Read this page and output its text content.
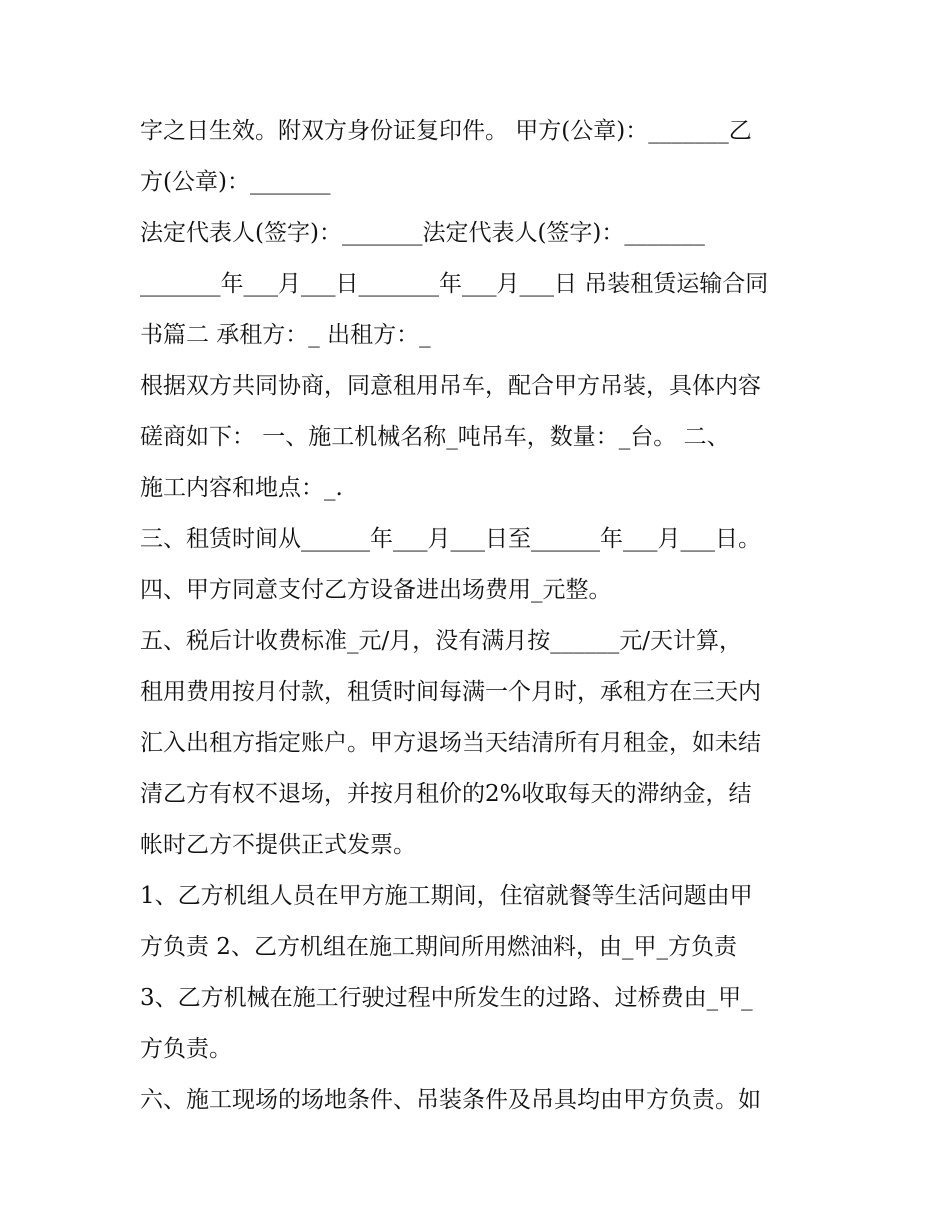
字之日生效。附双方身份证复印件。 甲方(公章)：_______乙
方(公章)：_______
法定代表人(签字)：_______法定代表人(签字)：_______
_______年___月___日_______年___月___日 吊装租赁运输合同
书篇二 承租方：_ 出租方：_
根据双方共同协商，同意租用吊车，配合甲方吊装，具体内容
磋商如下： 一、施工机械名称_吨吊车，数量：_台。 二、
施工内容和地点：_.
三、租赁时间从______年___月___日至______年___月___日。
四、甲方同意支付乙方设备进出场费用_元整。
五、税后计收费标准_元/月，没有满月按______元/天计算，
租用费用按月付款，租赁时间每满一个月时，承租方在三天内
汇入出租方指定账户。甲方退场当天结清所有月租金，如未结
清乙方有权不退场，并按月租价的2%收取每天的滞纳金，结
帐时乙方不提供正式发票。
1、乙方机组人员在甲方施工期间，住宿就餐等生活问题由甲
方负责 2、乙方机组在施工期间所用燃油料，由_甲_方负责
3、乙方机械在施工行驶过程中所发生的过路、过桥费由_甲_
方负责。
六、施工现场的场地条件、吊装条件及吊具均由甲方负责。如
